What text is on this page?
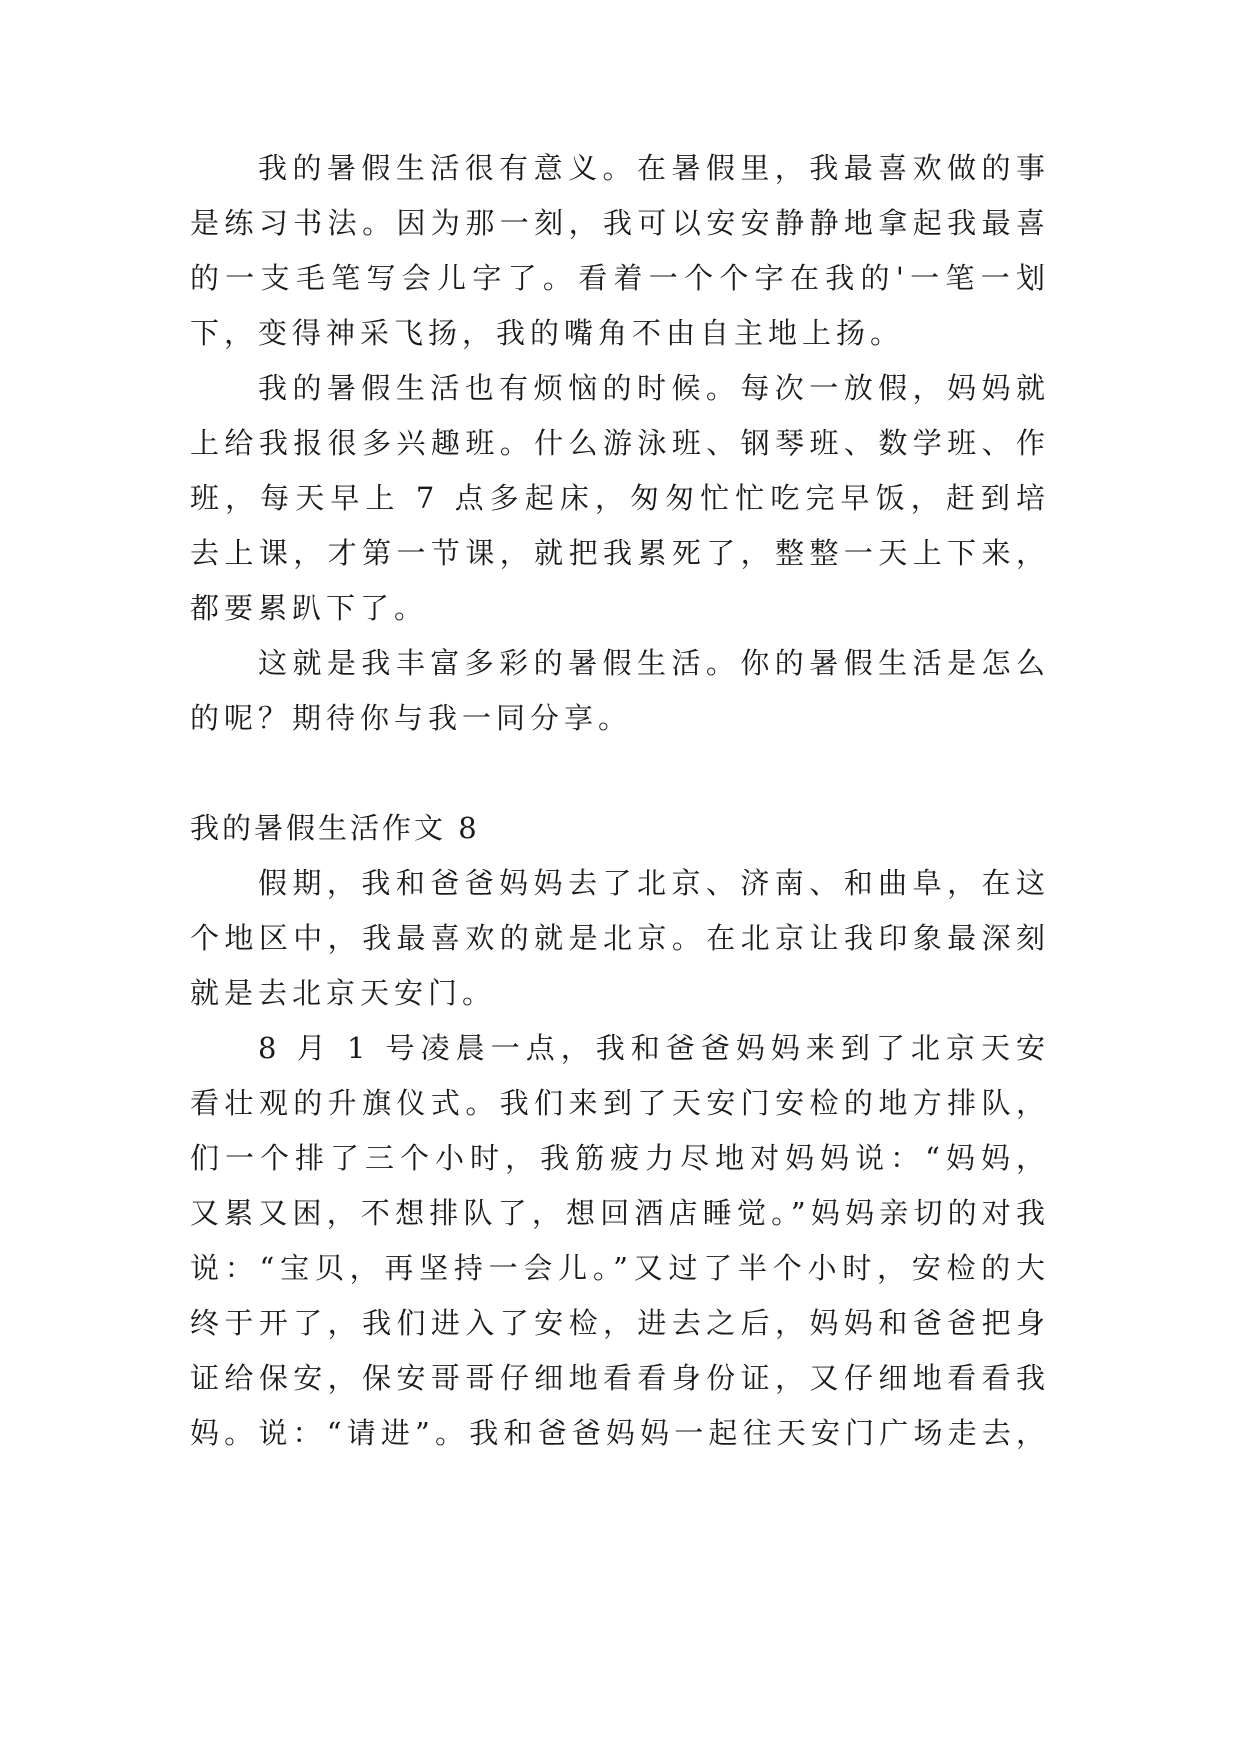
我的暑假生活很有意义。在暑假里，我最喜欢做的事
是练习书法。因为那一刻，我可以安安静静地拿起我最喜
的一支毛笔写会儿字了。看着一个个字在我的'一笔一划
下，变得神采飞扬，我的嘴角不由自主地上扬。
我的暑假生活也有烦恼的时候。每次一放假，妈妈就
上给我报很多兴趣班。什么游泳班、钢琴班、数学班、作
班，每天早上 7 点多起床，匆匆忙忙吃完早饭，赶到培
去上课，才第一节课，就把我累死了，整整一天上下来，
都要累趴下了。
这就是我丰富多彩的暑假生活。你的暑假生活是怎么
的呢？期待你与我一同分享。
我的暑假生活作文 8
假期，我和爸爸妈妈去了北京、济南、和曲阜，在这
个地区中，我最喜欢的就是北京。在北京让我印象最深刻
就是去北京天安门。
8 月 1 号凌晨一点，我和爸爸妈妈来到了北京天安
看壮观的升旗仪式。我们来到了天安门安检的地方排队，
们一个排了三个小时，我筋疲力尽地对妈妈说：“妈妈，
又累又困，不想排队了，想回酒店睡觉。”妈妈亲切的对我
说：“宝贝，再坚持一会儿。”又过了半个小时，安检的大
终于开了，我们进入了安检，进去之后，妈妈和爸爸把身
证给保安，保安哥哥仔细地看看身份证，又仔细地看看我
妈。说：“请进”。我和爸爸妈妈一起往天安门广场走去，
